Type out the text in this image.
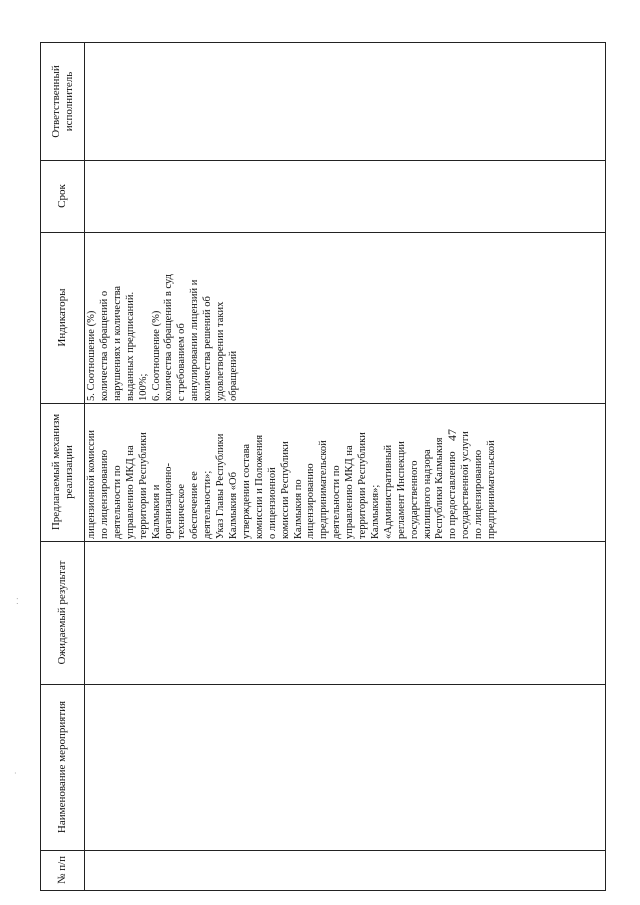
47
⁚
·
Ответственный исполнитель
Срок
Индикаторы
Предлагаемый механизм реализации
Ожидаемый результат
Наименование мероприятия
№ п/п

лицензионной комиссии по лицензированию деятельности по управлению МКД на территории Республики Калмыкия и организационно- техническое обеспечение ее деятельности»; Указ Главы Республики Калмыкия «Об утверждении состава комиссии и Положения о лицензионной комиссии Республики Калмыкия по лицензированию предпринимательской деятельности по управлению МКД на территории Республики Калмыкия»; «Административный регламент Инспекции государственного жилищного надзора Республики Калмыкия по предоставлению государственной услуги по лицензированию предпринимательской

5. Соотношение (%) количества обращений о нарушениях и количества выданных предписаний. 100%; 6. Соотношение (%) количества обращений в суд с требованием об аннулировании лицензий и количества решений об удовлетворении таких обращений
